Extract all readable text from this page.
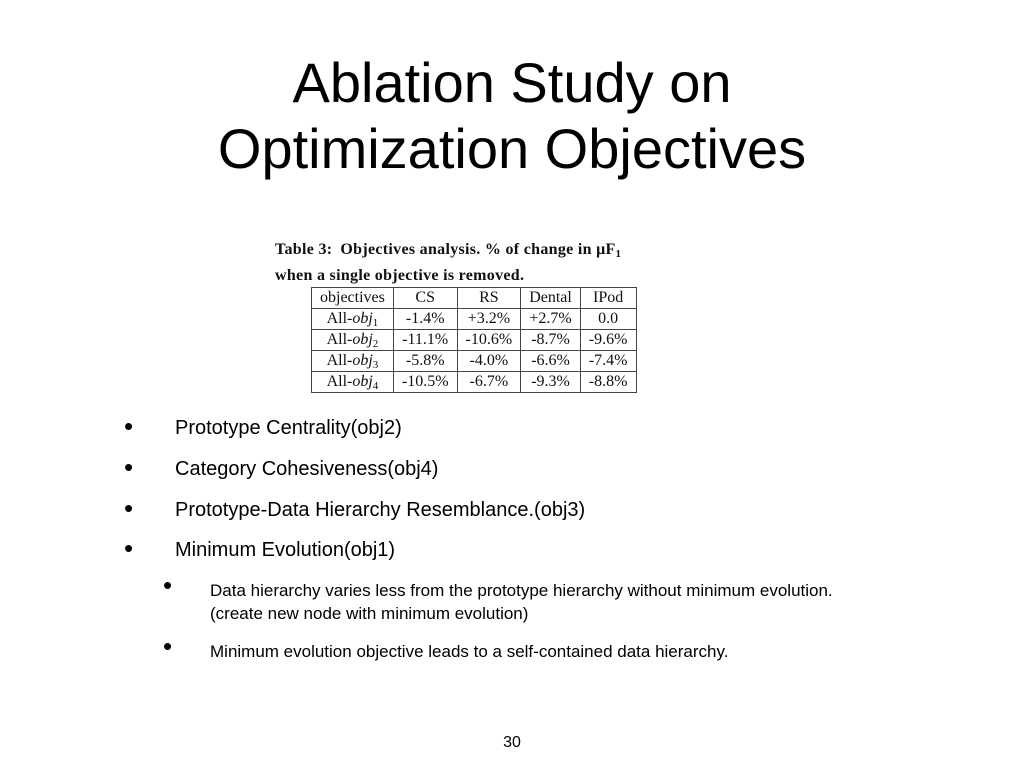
Ablation Study on
Optimization Objectives
Table 3: Objectives analysis. % of change in $\mu F_1$
when a single objective is removed.
objectives	CS	RS	Dental	IPod
All-obj$_1$	-1.4%	+3.2%	+2.7%	0.0
All-obj$_2$	-11.1%	-10.6%	-8.7%	-9.6%
All-obj$_3$	-5.8%	-4.0%	-6.6%	-7.4%
All-obj$_4$	-10.5%	-6.7%	-9.3%	-8.8%
• Prototype Centrality(obj2)
• Category Cohesiveness(obj4)
• Prototype-Data Hierarchy Resemblance.(obj3)
• Minimum Evolution(obj1)
• Data hierarchy varies less from the prototype hierarchy without minimum evolution. (create new node with minimum evolution)
• Minimum evolution objective leads to a self-contained data hierarchy.
30
